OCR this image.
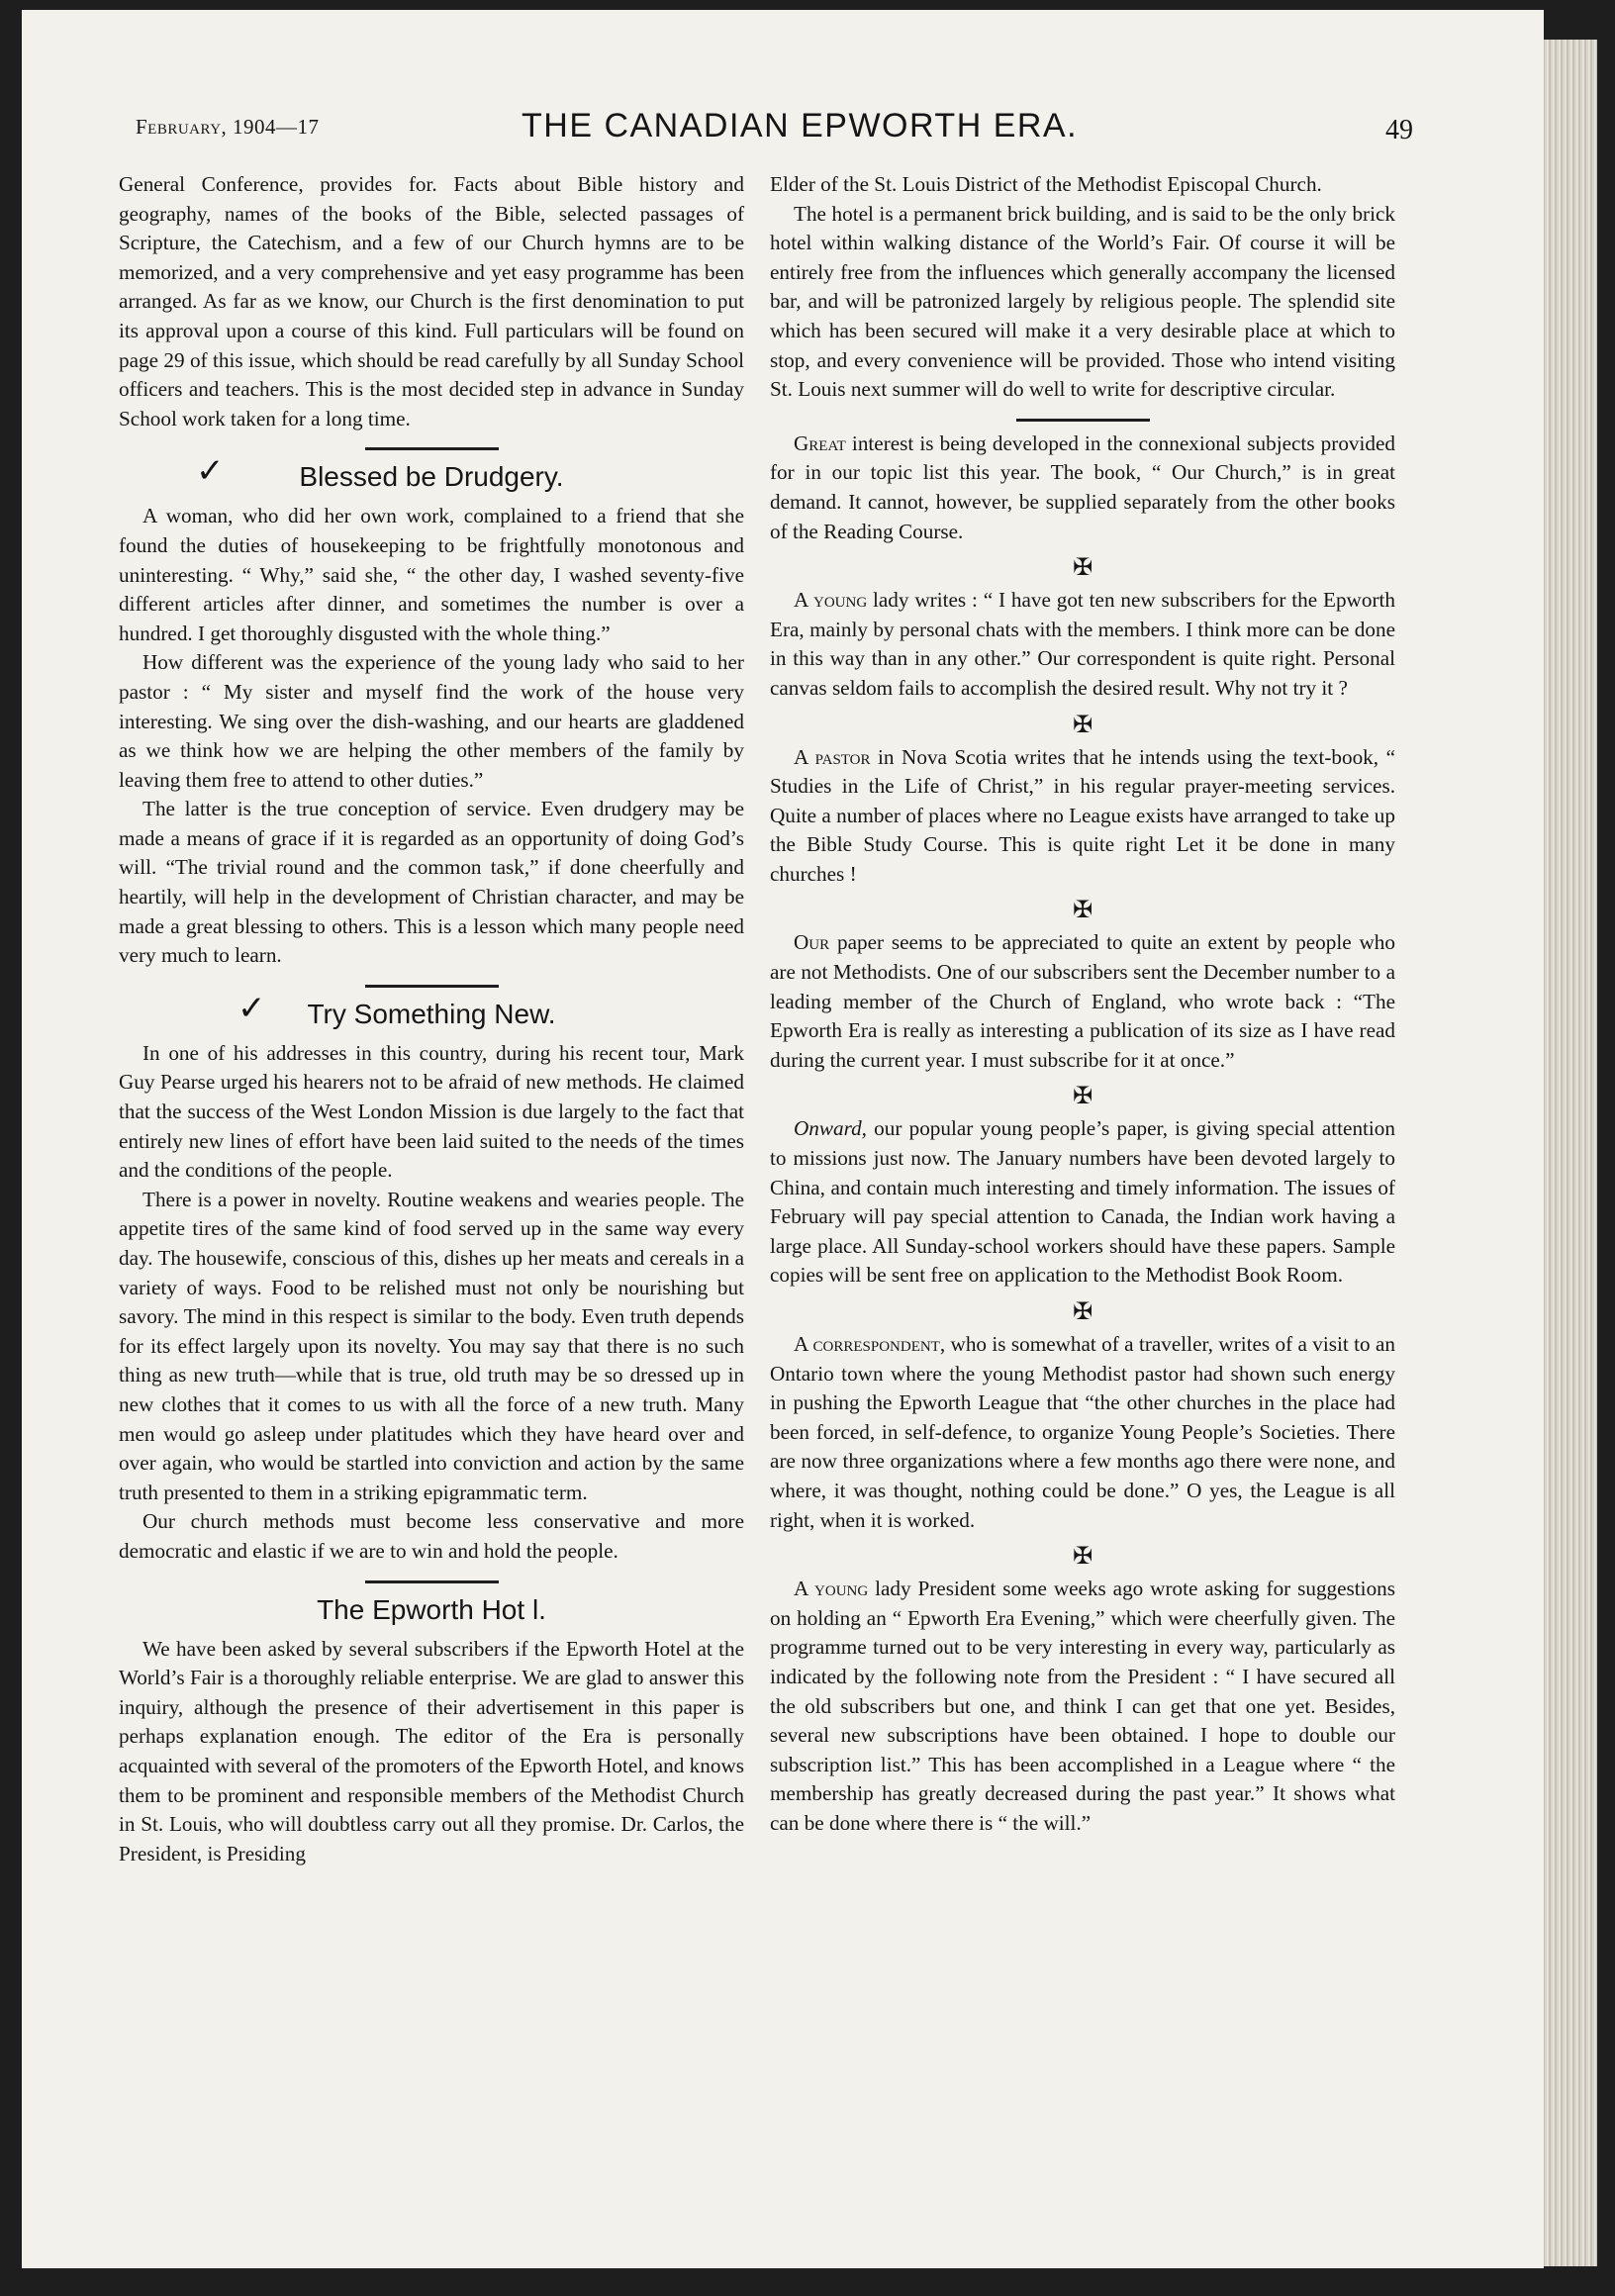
February, 1904—17	THE CANADIAN EPWORTH ERA.	49

General Conference, provides for. Facts about Bible history and geography, names of the books of the Bible, selected passages of Scripture, the Catechism, and a few of our Church hymns are to be memorized, and a very comprehensive and yet easy programme has been arranged. As far as we know, our Church is the first denomination to put its approval upon a course of this kind. Full particulars will be found on page 29 of this issue, which should be read carefully by all Sunday School officers and teachers. This is the most decided step in advance in Sunday School work taken for a long time.

✓	Blessed be Drudgery.

A woman, who did her own work, complained to a friend that she found the duties of housekeeping to be frightfully monotonous and uninteresting. “ Why,” said she, “ the other day, I washed seventy-five different articles after dinner, and sometimes the number is over a hundred. I get thoroughly disgusted with the whole thing.”

How different was the experience of the young lady who said to her pastor : “ My sister and myself find the work of the house very interesting. We sing over the dish-washing, and our hearts are gladdened as we think how we are helping the other members of the family by leaving them free to attend to other duties.”

The latter is the true conception of service. Even drudgery may be made a means of grace if it is regarded as an opportunity of doing God’s will. “The trivial round and the common task,” if done cheerfully and heartily, will help in the development of Christian character, and may be made a great blessing to others. This is a lesson which many people need very much to learn.

✓ Try Something New.

In one of his addresses in this country, during his recent tour, Mark Guy Pearse urged his hearers not to be afraid of new methods. He claimed that the success of the West London Mission is due largely to the fact that entirely new lines of effort have been laid suited to the needs of the times and the conditions of the people.

There is a power in novelty. Routine weakens and wearies people. The appetite tires of the same kind of food served up in the same way every day. The housewife, conscious of this, dishes up her meats and cereals in a variety of ways. Food to be relished must not only be nourishing but savory. The mind in this respect is similar to the body. Even truth depends for its effect largely upon its novelty. You may say that there is no such thing as new truth—while that is true, old truth may be so dressed up in new clothes that it comes to us with all the force of a new truth. Many men would go asleep under platitudes which they have heard over and over again, who would be startled into conviction and action by the same truth presented to them in a striking epigrammatic term.

Our church methods must become less conservative and more democratic and elastic if we are to win and hold the people.

The Epworth Hot l.

We have been asked by several subscribers if the Epworth Hotel at the World’s Fair is a thoroughly reliable enterprise. We are glad to answer this inquiry, although the presence of their advertisement in this paper is perhaps explanation enough. The editor of the Era is personally acquainted with several of the promoters of the Epworth Hotel, and knows them to be prominent and responsible members of the Methodist Church in St. Louis, who will doubtless carry out all they promise. Dr. Carlos, the President, is Presiding

Elder of the St. Louis District of the Methodist Episcopal Church.

The hotel is a permanent brick building, and is said to be the only brick hotel within walking distance of the World’s Fair. Of course it will be entirely free from the influences which generally accompany the licensed bar, and will be patronized largely by religious people. The splendid site which has been secured will make it a very desirable place at which to stop, and every convenience will be provided. Those who intend visiting St. Louis next summer will do well to write for descriptive circular.

Great interest is being developed in the connexional subjects provided for in our topic list this year. The book, “ Our Church,” is in great demand. It cannot, however, be supplied separately from the other books of the Reading Course.

✠

A young lady writes : “ I have got ten new subscribers for the Epworth Era, mainly by personal chats with the members. I think more can be done in this way than in any other.” Our correspondent is quite right. Personal canvas seldom fails to accomplish the desired result. Why not try it ?

✠

A pastor in Nova Scotia writes that he intends using the text-book, “ Studies in the Life of Christ,” in his regular prayer-meeting services. Quite a number of places where no League exists have arranged to take up the Bible Study Course. This is quite right Let it be done in many churches !

✠

Our paper seems to be appreciated to quite an extent by people who are not Methodists. One of our subscribers sent the December number to a leading member of the Church of England, who wrote back : “The Epworth Era is really as interesting a publication of its size as I have read during the current year. I must subscribe for it at once.”

✠

Onward, our popular young people’s paper, is giving special attention to missions just now. The January numbers have been devoted largely to China, and contain much interesting and timely information. The issues of February will pay special attention to Canada, the Indian work having a large place. All Sunday-school workers should have these papers. Sample copies will be sent free on application to the Methodist Book Room.

✠

A correspondent, who is somewhat of a traveller, writes of a visit to an Ontario town where the young Methodist pastor had shown such energy in pushing the Epworth League that “the other churches in the place had been forced, in self-defence, to organize Young People’s Societies. There are now three organizations where a few months ago there were none, and where, it was thought, nothing could be done.” O yes, the League is all right, when it is worked.

✠

A young lady President some weeks ago wrote asking for suggestions on holding an “ Epworth Era Evening,” which were cheerfully given. The programme turned out to be very interesting in every way, particularly as indicated by the following note from the President : “ I have secured all the old subscribers but one, and think I can get that one yet. Besides, several new subscriptions have been obtained. I hope to double our subscription list.” This has been accomplished in a League where “ the membership has greatly decreased during the past year.” It shows what can be done where there is “ the will.”
